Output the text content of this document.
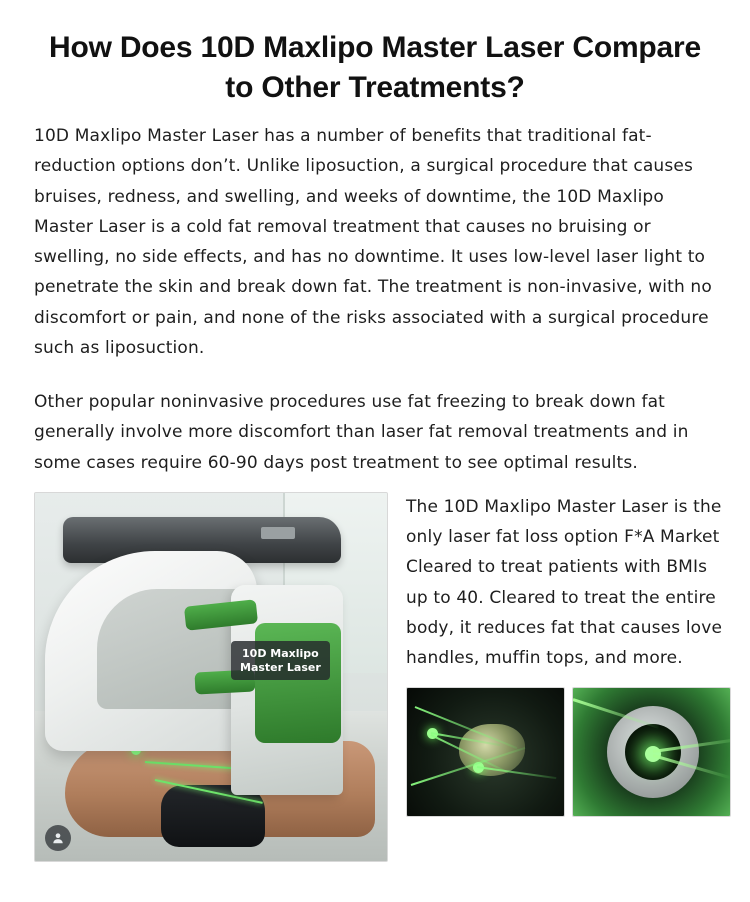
How Does 10D Maxlipo Master Laser Compare to Other Treatments?

10D Maxlipo Master Laser has a number of benefits that traditional fat-reduction options don’t. Unlike liposuction, a surgical procedure that causes bruises, redness, and swelling, and weeks of downtime, the 10D Maxlipo Master Laser is a cold fat removal treatment that causes no bruising or swelling, no side effects, and has no downtime. It uses low-level laser light to penetrate the skin and break down fat. The treatment is non-invasive, with no discomfort or pain, and none of the risks associated with a surgical procedure such as liposuction.

Other popular noninvasive procedures use fat freezing to break down fat generally involve more discomfort than laser fat removal treatments and in some cases require 60-90 days post treatment to see optimal results.

10D Maxlipo
Master Laser

The 10D Maxlipo Master Laser is the only laser fat loss option F*A Market Cleared to treat patients with BMIs up to 40. Cleared to treat the entire body, it reduces fat that causes love handles, muffin tops, and more.
